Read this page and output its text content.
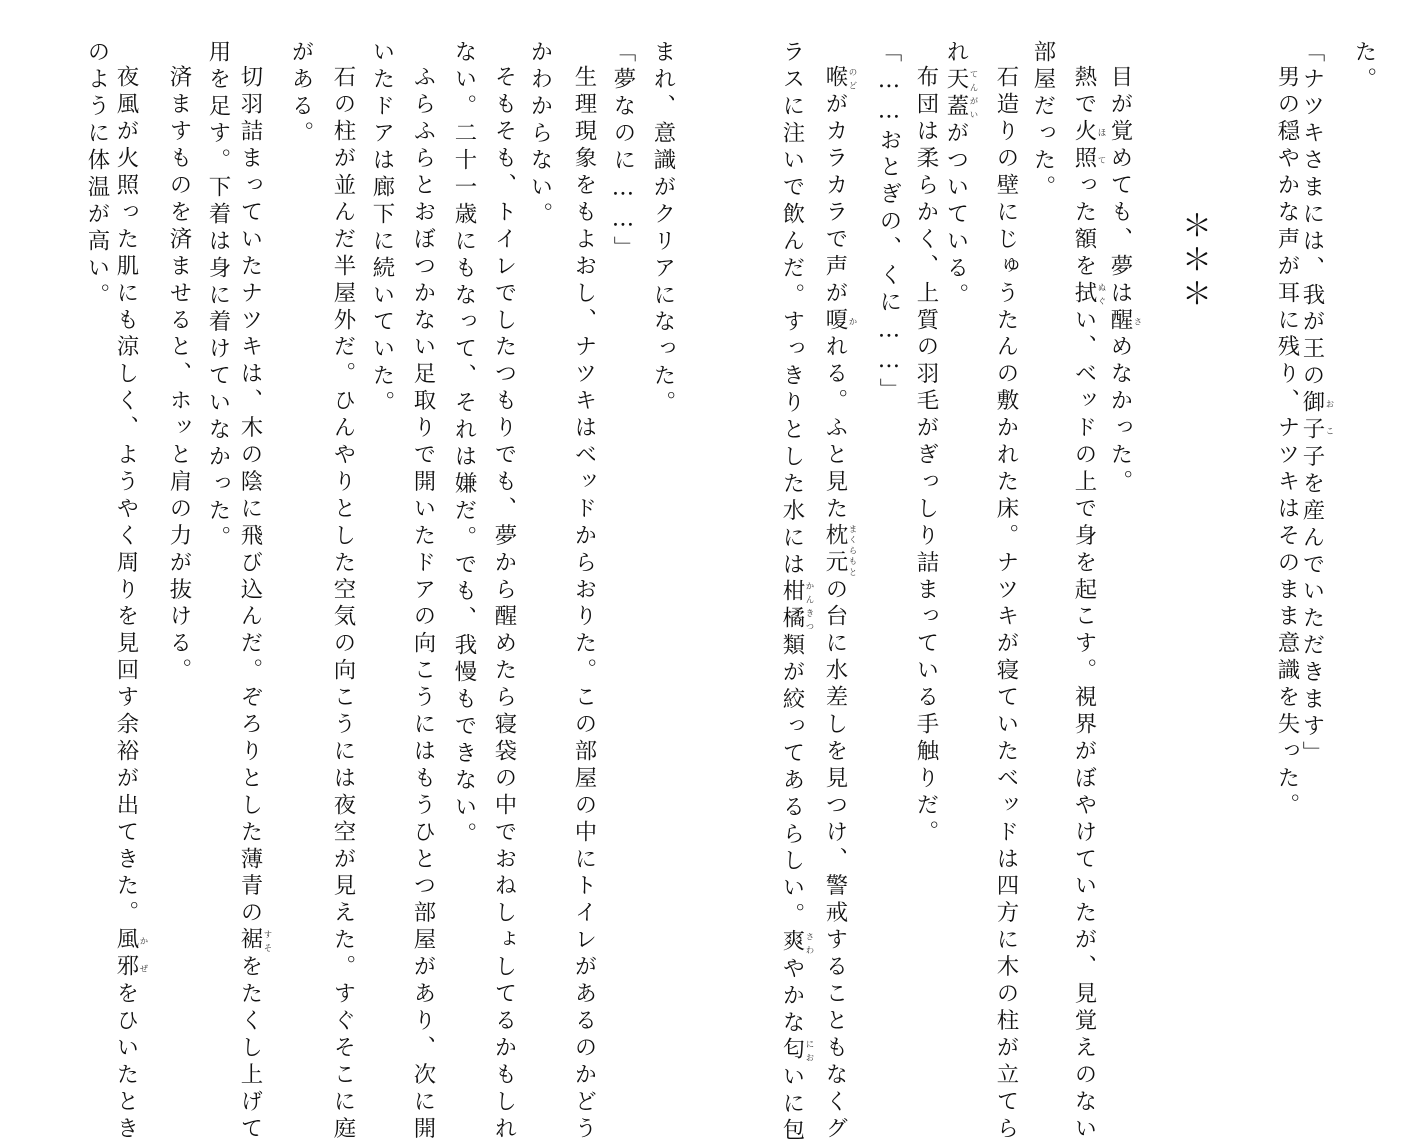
た。
「ナツキさまには、我が王の御 お子 こ子を産んでいただきます」
男の穏やかな声が耳に残り、ナツキはそのまま意識を失った。
＊＊＊
目が覚めても、夢は醒 さめなかった。
熱で火照 ほてった額を拭 ぬぐい、ベッドの上で身を起こす。視界がぼやけていたが、見覚えのない
部屋だった。
石造りの壁にじゅうたんの敷かれた床。ナツキが寝ていたベッドは四方に木の柱が立てら
れ天蓋 てんがいがついている。
布団は柔らかく、上質の羽毛がぎっしり詰まっている手触りだ。
「……おとぎの、くに……」
喉 のどがカラカラで声が嗄 かれる。ふと見た枕元 まくらもとの台に水差しを見つけ、警戒することもなくグ
ラスに注いで飲んだ。すっきりとした水には柑橘 かんきつ類が絞ってあるらしい。爽 さわやかな匂 においに包
まれ、意識がクリアになった。
「夢なのに……」
生理現象をもよおし、ナツキはベッドからおりた。この部屋の中にトイレがあるのかどう
かわからない。
そもそも、トイレでしたつもりでも、夢から醒めたら寝袋の中でおねしょしてるかもしれ
ない。二十一歳にもなって、それは嫌だ。でも、我慢もできない。
ふらふらとおぼつかない足取りで開いたドアの向こうにはもうひとつ部屋があり、次に開
いたドアは廊下に続いていた。
石の柱が並んだ半屋外だ。ひんやりとした空気の向こうには夜空が見えた。すぐそこに庭
がある。
切羽詰まっていたナツキは、木の陰に飛び込んだ。ぞろりとした薄青の裾 すそをたくし上げて
用を足す。下着は身に着けていなかった。
済ますものを済ませると、ホッと肩の力が抜ける。
夜風が火照った肌にも涼しく、ようやく周りを見回す余裕が出てきた。風邪 かぜをひいたとき
のように体温が高い。
